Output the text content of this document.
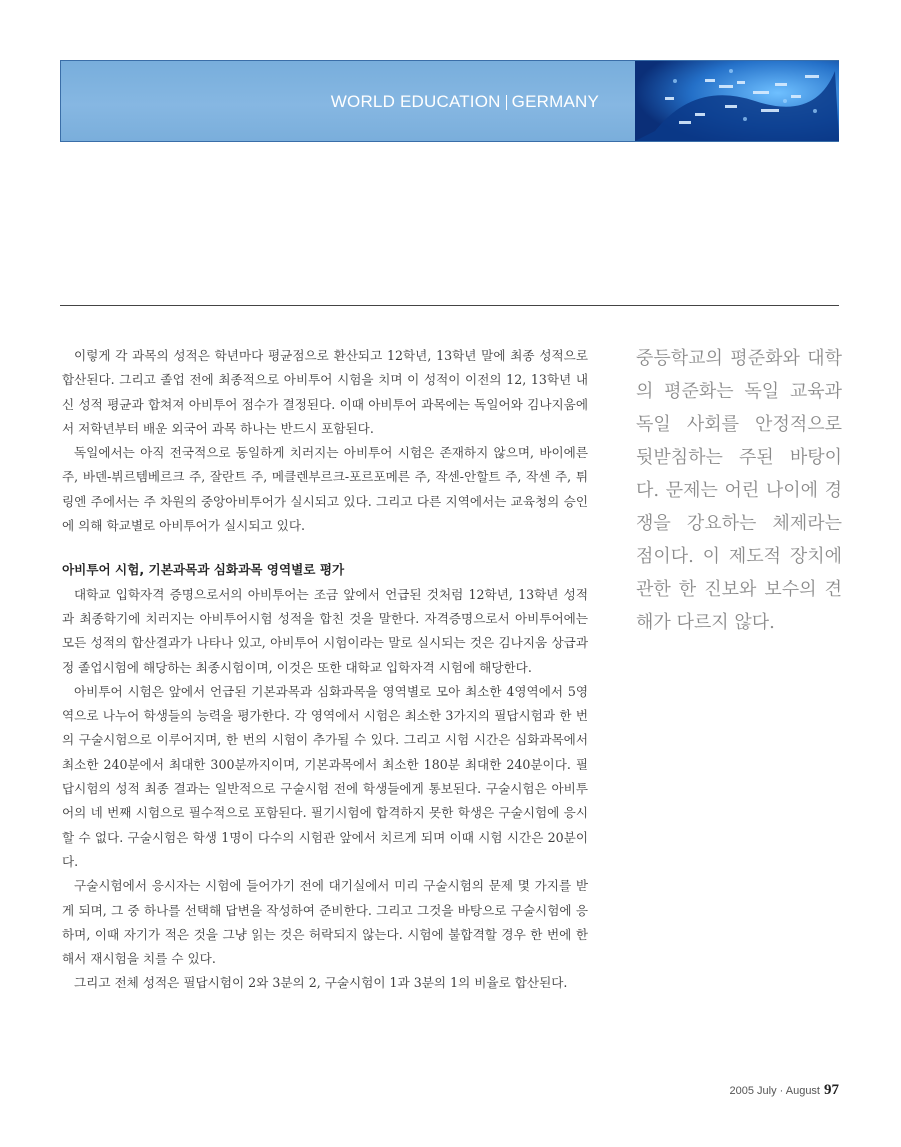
WORLD EDUCATION GERMANY

이렇게 각 과목의 성적은 학년마다 평균점으로 환산되고 12학년, 13학년 말에 최종 성적으로 합산된다. 그리고 졸업 전에 최종적으로 아비투어 시험을 치며 이 성적이 이전의 12, 13학년 내신 성적 평균과 합쳐져 아비투어 점수가 결정된다. 이때 아비투어 과목에는 독일어와 김나지움에서 저학년부터 배운 외국어 과목 하나는 반드시 포함된다.

독일에서는 아직 전국적으로 동일하게 치러지는 아비투어 시험은 존재하지 않으며, 바이에른 주, 바덴-뷔르템베르크 주, 잘란트 주, 메클렌부르크-포르포메른 주, 작센-안할트 주, 작센 주, 튀링엔 주에서는 주 차원의 중앙아비투어가 실시되고 있다. 그리고 다른 지역에서는 교육청의 승인에 의해 학교별로 아비투어가 실시되고 있다.

아비투어 시험, 기본과목과 심화과목 영역별로 평가

대학교 입학자격 증명으로서의 아비투어는 조금 앞에서 언급된 것처럼 12학년, 13학년 성적과 최종학기에 치러지는 아비투어시험 성적을 합친 것을 말한다. 자격증명으로서 아비투어에는 모든 성적의 합산결과가 나타나 있고, 아비투어 시험이라는 말로 실시되는 것은 김나지움 상급과정 졸업시험에 해당하는 최종시험이며, 이것은 또한 대학교 입학자격 시험에 해당한다.

아비투어 시험은 앞에서 언급된 기본과목과 심화과목을 영역별로 모아 최소한 4영역에서 5영역으로 나누어 학생들의 능력을 평가한다. 각 영역에서 시험은 최소한 3가지의 필답시험과 한 번의 구술시험으로 이루어지며, 한 번의 시험이 추가될 수 있다. 그리고 시험 시간은 심화과목에서 최소한 240분에서 최대한 300분까지이며, 기본과목에서 최소한 180분 최대한 240분이다. 필답시험의 성적 최종 결과는 일반적으로 구술시험 전에 학생들에게 통보된다. 구술시험은 아비투어의 네 번째 시험으로 필수적으로 포함된다. 필기시험에 합격하지 못한 학생은 구술시험에 응시할 수 없다. 구술시험은 학생 1명이 다수의 시험관 앞에서 치르게 되며 이때 시험 시간은 20분이다.

구술시험에서 응시자는 시험에 들어가기 전에 대기실에서 미리 구술시험의 문제 몇 가지를 받게 되며, 그 중 하나를 선택해 답변을 작성하여 준비한다. 그리고 그것을 바탕으로 구술시험에 응하며, 이때 자기가 적은 것을 그냥 읽는 것은 허락되지 않는다. 시험에 불합격할 경우 한 번에 한해서 재시험을 치를 수 있다.

그리고 전체 성적은 필답시험이 2와 3분의 2, 구술시험이 1과 3분의 1의 비율로 합산된다.

중등학교의 평준화와 대학의 평준화는 독일 교육과 독일 사회를 안정적으로 뒷받침하는 주된 바탕이다. 문제는 어린 나이에 경쟁을 강요하는 체제라는 점이다. 이 제도적 장치에 관한 한 진보와 보수의 견해가 다르지 않다.
2005 July · August 97
